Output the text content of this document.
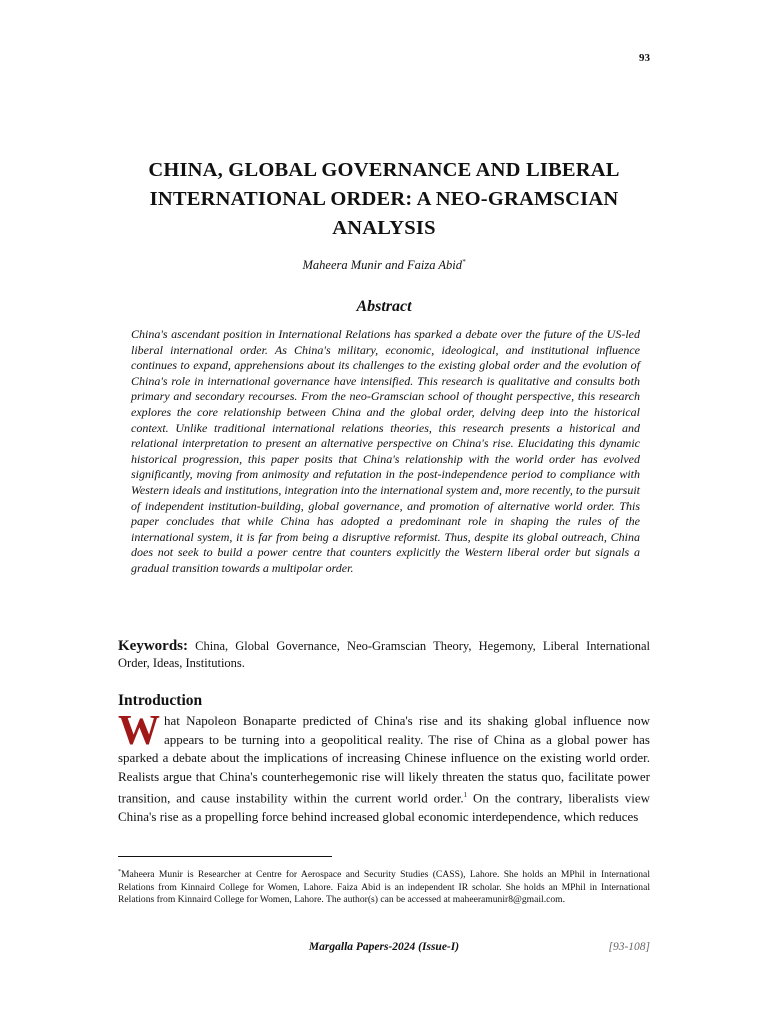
93
CHINA, GLOBAL GOVERNANCE AND LIBERAL INTERNATIONAL ORDER: A NEO-GRAMSCIAN ANALYSIS
Maheera Munir and Faiza Abid*
Abstract

China's ascendant position in International Relations has sparked a debate over the future of the US-led liberal international order. As China's military, economic, ideological, and institutional influence continues to expand, apprehensions about its challenges to the existing global order and the evolution of China's role in international governance have intensified. This research is qualitative and consults both primary and secondary recourses. From the neo-Gramscian school of thought perspective, this research explores the core relationship between China and the global order, delving deep into the historical context. Unlike traditional international relations theories, this research presents a historical and relational interpretation to present an alternative perspective on China's rise. Elucidating this dynamic historical progression, this paper posits that China's relationship with the world order has evolved significantly, moving from animosity and refutation in the post-independence period to compliance with Western ideals and institutions, integration into the international system and, more recently, to the pursuit of independent institution-building, global governance, and promotion of alternative world order. This paper concludes that while China has adopted a predominant role in shaping the rules of the international system, it is far from being a disruptive reformist. Thus, despite its global outreach, China does not seek to build a power centre that counters explicitly the Western liberal order but signals a gradual transition towards a multipolar order.

Keywords: China, Global Governance, Neo-Gramscian Theory, Hegemony, Liberal International Order, Ideas, Institutions.

Introduction

What Napoleon Bonaparte predicted of China's rise and its shaking global influence now appears to be turning into a geopolitical reality. The rise of China as a global power has sparked a debate about the implications of increasing Chinese influence on the existing world order. Realists argue that China's counterhegemonic rise will likely threaten the status quo, facilitate power transition, and cause instability within the current world order.$^1$ On the contrary, liberalists view China's rise as a propelling force behind increased global economic interdependence, which reduces

*Maheera Munir is Researcher at Centre for Aerospace and Security Studies (CASS), Lahore. She holds an MPhil in International Relations from Kinnaird College for Women, Lahore. Faiza Abid is an independent IR scholar. She holds an MPhil in International Relations from Kinnaird College for Women, Lahore. The author(s) can be accessed at maheeramunir8@gmail.com.

Margalla Papers-2024 (Issue-I)	[93-108]
